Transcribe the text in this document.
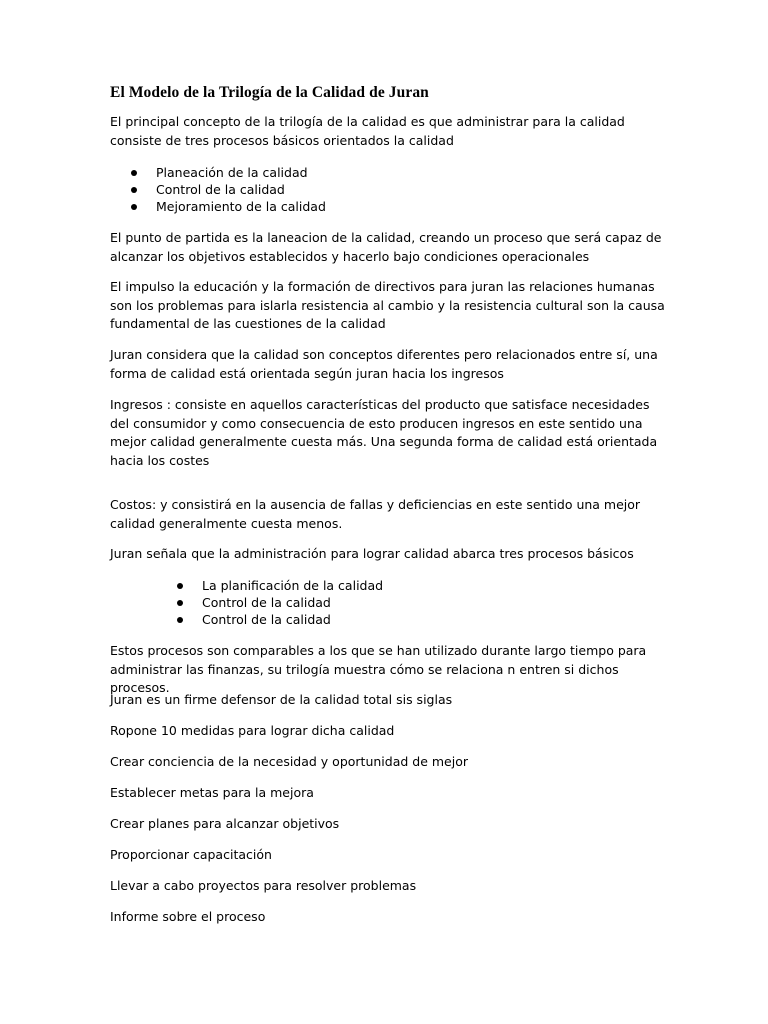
El Modelo de la Trilogía de la Calidad de Juran
El principal concepto de la trilogía de la calidad es que administrar para la calidad consiste de tres procesos básicos orientados la calidad
Planeación de la calidad
Control de la calidad
Mejoramiento de la calidad
El punto de partida es la laneacion de la calidad, creando un proceso que será capaz de alcanzar los objetivos establecidos y hacerlo bajo condiciones operacionales
El impulso la educación y la formación de directivos para juran las relaciones humanas son los problemas para islarla resistencia al cambio y la resistencia cultural son la causa fundamental de las cuestiones de la calidad
Juran considera que la calidad son conceptos diferentes pero relacionados entre sí, una forma de calidad está orientada según juran hacia los ingresos
Ingresos : consiste en aquellos características del producto que satisface necesidades del consumidor y como consecuencia de esto producen ingresos en este sentido una mejor calidad generalmente cuesta más. Una segunda forma de calidad está orientada hacia los costes
Costos: y consistirá en la ausencia de fallas y deficiencias en este sentido una mejor calidad generalmente cuesta menos.
Juran señala que la administración para lograr calidad abarca tres procesos básicos
La planificación de la calidad
Control de la calidad
Control de la calidad
Estos procesos son comparables a los que se han utilizado durante largo tiempo para administrar las finanzas, su trilogía muestra cómo se relaciona n entren si dichos procesos.
Juran es un firme defensor de la calidad total sis siglas
Ropone 10 medidas para lograr dicha calidad
Crear conciencia de la necesidad y oportunidad de mejor
Establecer metas para la mejora
Crear planes para alcanzar objetivos
Proporcionar capacitación
Llevar a cabo proyectos para resolver problemas
Informe sobre el proceso
